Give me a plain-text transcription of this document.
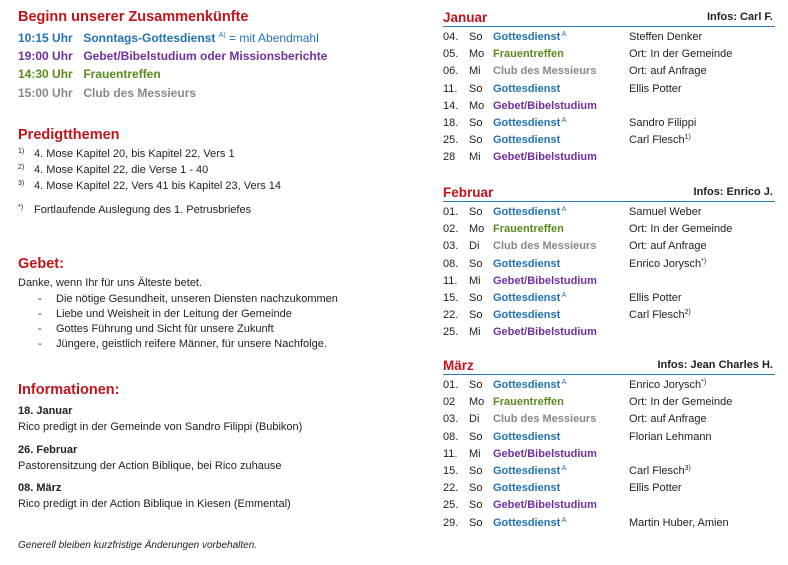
Beginn unserer Zusammenkünfte
10:15 Uhr Sonntags-Gottesdienst $^{A)}$ = mit Abendmahl
19:00 Uhr Gebet/Bibelstudium oder Missionsberichte
14:30 Uhr Frauentreffen
15:00 Uhr Club des Messieurs
Predigtthemen
$^{1)}$ 4. Mose Kapitel 20, bis Kapitel 22, Vers 1
$^{2)}$ 4. Mose Kapitel 22, die Verse 1 - 40
$^{3)}$ 4. Mose Kapitel 22, Vers 41 bis Kapitel 23, Vers 14
*) Fortlaufende Auslegung des 1. Petrusbriefes
Gebet:
Danke, wenn Ihr für uns Älteste betet.
- Die nötige Gesundheit, unseren Diensten nachzukommen
- Liebe und Weisheit in der Leitung der Gemeinde
- Gottes Führung und Sicht für unsere Zukunft
- Jüngere, geistlich reifere Männer, für unsere Nachfolge.
Informationen:
18. Januar
Rico predigt in der Gemeinde von Sandro Filippi (Bubikon)
26. Februar
Pastorensitzung der Action Biblique, bei Rico zuhause
08. März
Rico predigt in der Action Biblique in Kiesen (Emmental)
Generell bleiben kurzfristige Änderungen vorbehalten.
Januar	Infos: Carl F.
04. So Gottesdienst $^A$	Steffen Denker
05. Mo Frauentreffen	Ort: In der Gemeinde
06. Mi Club des Messieurs	Ort: auf Anfrage
11. So Gottesdienst	Ellis Potter
14. Mo Gebet/Bibelstudium
18. So Gottesdienst $^A$	Sandro Filippi
25. So Gottesdienst	Carl Flesch$^{1)}$
28 Mi Gebet/Bibelstudium
Februar	Infos: Enrico J.
01. So Gottesdienst $^A$	Samuel Weber
02. Mo Frauentreffen	Ort: In der Gemeinde
03. Di Club des Messieurs	Ort: auf Anfrage
08. So Gottesdienst	Enrico Jorysch*)
11. Mi Gebet/Bibelstudium
15. So Gottesdienst $^A$	Ellis Potter
22. So Gottesdienst	Carl Flesch$^{2)}$
25. Mi Gebet/Bibelstudium
März	Infos: Jean Charles H.
01. So Gottesdienst $^A$	Enrico Jorysch*)
02 Mo Frauentreffen	Ort: In der Gemeinde
03. Di Club des Messieurs	Ort: auf Anfrage
08. So Gottesdienst	Florian Lehmann
11. Mi Gebet/Bibelstudium
15. So Gottesdienst $^A$	Carl Flesch$^{3)}$
22. So Gottesdienst	Ellis Potter
25. So Gebet/Bibelstudium
29. So Gottesdienst $^A$	Martin Huber, Amien
